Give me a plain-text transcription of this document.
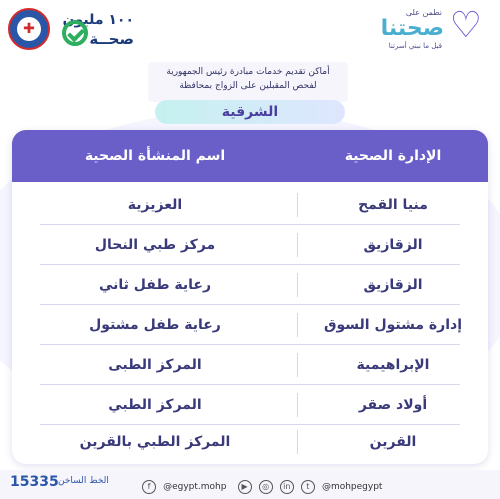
✚
١٠٠ مليون
صحــة	♡
نطمن على
صحتنا
قبل ما نبني أسرتنا
أماكن تقديم خدمات مبادرة رئيس الجمهورية
لفحص المقبلين على الزواج بمحافظة
الشرقية
الإدارة الصحية
اسم المنشأة الصحية
منيا القمح
العزيزية
الزقازيق
مركز طبي النحال
الزقازيق
رعاية طفل ثاني
إدارة مشتول السوق
رعاية طفل مشتول
الإبراهيمية
المركز الطبى
أولاد صقر
المركز الطبي
القرين
المركز الطبي بالقرين
15335 الخط الساخن	f @egypt.mohp ▶ ◎ in t @mohpegypt
